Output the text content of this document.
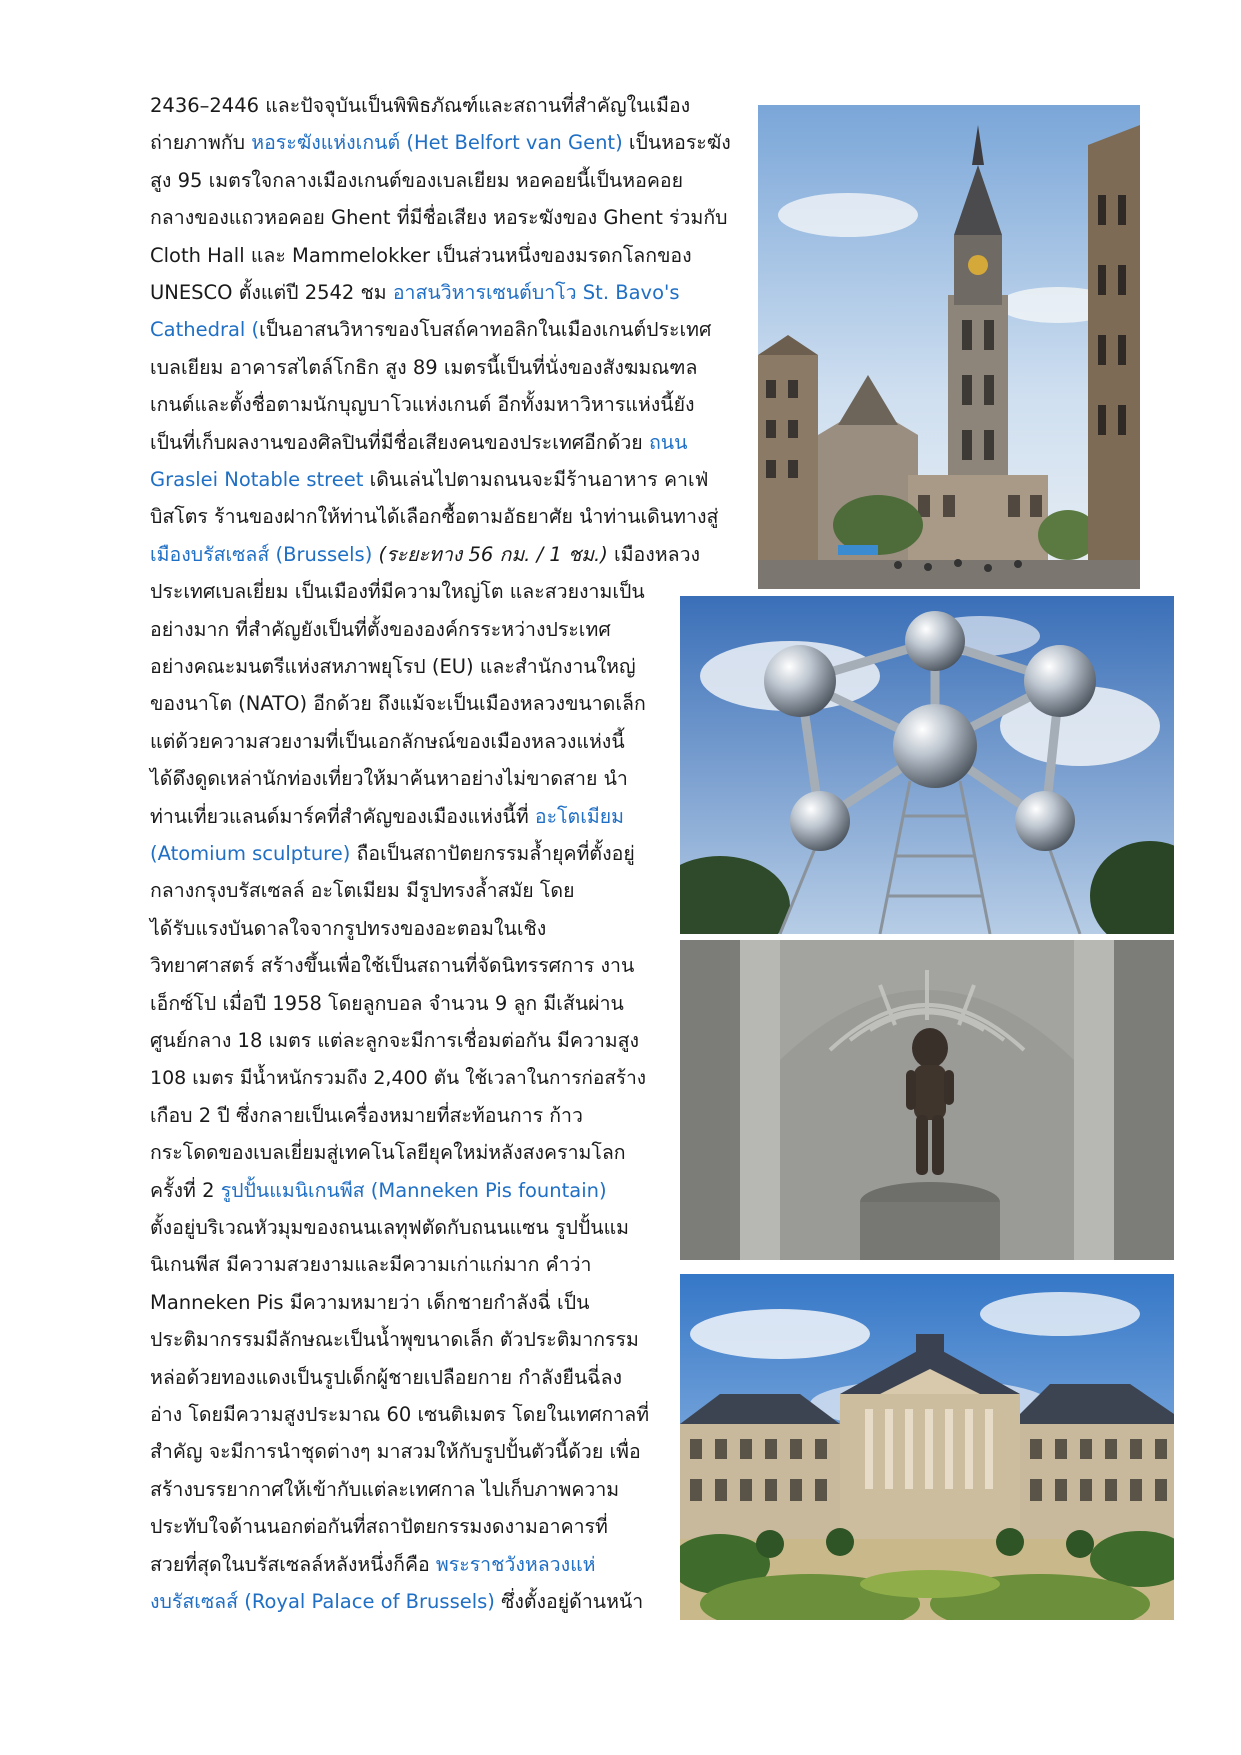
2436–2446 และปัจจุบันเป็นพิพิธภัณฑ์และสถานที่สำคัญในเมือง
ถ่ายภาพกับ หอระฆังแห่งเกนต์ (Het Belfort van Gent) เป็นหอระฆัง
สูง 95 เมตรใจกลางเมืองเกนต์ของเบลเยียม หอคอยนี้เป็นหอคอย
กลางของแถวหอคอย Ghent ที่มีชื่อเสียง หอระฆังของ Ghent ร่วมกับ
Cloth Hall และ Mammelokker เป็นส่วนหนึ่งของมรดกโลกของ
UNESCO ตั้งแต่ปี 2542 ชม อาสนวิหารเซนต์บาโว St. Bavo's
Cathedral (เป็นอาสนวิหารของโบสถ์คาทอลิกในเมืองเกนต์ประเทศ
เบลเยียม อาคารสไตล์โกธิก สูง 89 เมตรนี้เป็นที่นั่งของสังฆมณฑล
เกนต์และตั้งชื่อตามนักบุญบาโวแห่งเกนต์ อีกทั้งมหาวิหารแห่งนี้ยัง
เป็นที่เก็บผลงานของศิลปินที่มีชื่อเสียงคนของประเทศอีกด้วย ถนน
Graslei Notable street เดินเล่นไปตามถนนจะมีร้านอาหาร คาเฟ่
บิสโตร ร้านของฝากให้ท่านได้เลือกซื้อตามอัธยาศัย นำท่านเดินทางสู่
เมืองบรัสเซลส์ (Brussels) (ระยะทาง 56 กม. / 1 ชม.) เมืองหลวง
ประเทศเบลเยี่ยม เป็นเมืองที่มีความใหญ่โต และสวยงามเป็น
อย่างมาก ที่สำคัญยังเป็นที่ตั้งขององค์กรระหว่างประเทศ
อย่างคณะมนตรีแห่งสหภาพยุโรป (EU) และสำนักงานใหญ่
ของนาโต (NATO) อีกด้วย ถึงแม้จะเป็นเมืองหลวงขนาดเล็ก
แต่ด้วยความสวยงามที่เป็นเอกลักษณ์ของเมืองหลวงแห่งนี้
ได้ดึงดูดเหล่านักท่องเที่ยวให้มาค้นหาอย่างไม่ขาดสาย นำ
ท่านเที่ยวแลนด์มาร์คที่สำคัญของเมืองแห่งนี้ที่ อะโตเมียม
(Atomium sculpture) ถือเป็นสถาปัตยกรรมล้ำยุคที่ตั้งอยู่
กลางกรุงบรัสเซลล์ อะโตเมียม มีรูปทรงล้ำสมัย โดย
ได้รับแรงบันดาลใจจากรูปทรงของอะตอมในเชิง
วิทยาศาสตร์ สร้างขึ้นเพื่อใช้เป็นสถานที่จัดนิทรรศการ งาน
เอ็กซ์โป เมื่อปี 1958 โดยลูกบอล จำนวน 9 ลูก มีเส้นผ่าน
ศูนย์กลาง 18 เมตร แต่ละลูกจะมีการเชื่อมต่อกัน มีความสูง
108 เมตร มีน้ำหนักรวมถึง 2,400 ตัน ใช้เวลาในการก่อสร้าง
เกือบ 2 ปี ซึ่งกลายเป็นเครื่องหมายที่สะท้อนการ ก้าว
กระโดดของเบลเยี่ยมสู่เทคโนโลยียุคใหม่หลังสงครามโลก
ครั้งที่ 2 รูปปั้นแมนิเกนพีส (Manneken Pis fountain)
ตั้งอยู่บริเวณหัวมุมของถนนเลทุฟตัดกับถนนแซน รูปปั้นแม
นิเกนพีส มีความสวยงามและมีความเก่าแก่มาก คำว่า
Manneken Pis มีความหมายว่า เด็กชายกำลังฉี่ เป็น
ประติมากรรมมีลักษณะเป็นน้ำพุขนาดเล็ก ตัวประติมากรรม
หล่อด้วยทองแดงเป็นรูปเด็กผู้ชายเปลือยกาย กำลังยืนฉี่ลง
อ่าง โดยมีความสูงประมาณ 60 เซนติเมตร โดยในเทศกาลที่
สำคัญ จะมีการนำชุดต่างๆ มาสวมให้กับรูปปั้นตัวนี้ด้วย เพื่อ
สร้างบรรยากาศให้เข้ากับแต่ละเทศกาล ไปเก็บภาพความ
ประทับใจด้านนอกต่อกันที่สถาปัตยกรรมงดงามอาคารที่
สวยที่สุดในบรัสเซลล์หลังหนึ่งก็คือ พระราชวังหลวงแห่
งบรัสเซลส์ (Royal Palace of Brussels) ซึ่งตั้งอยู่ด้านหน้า
